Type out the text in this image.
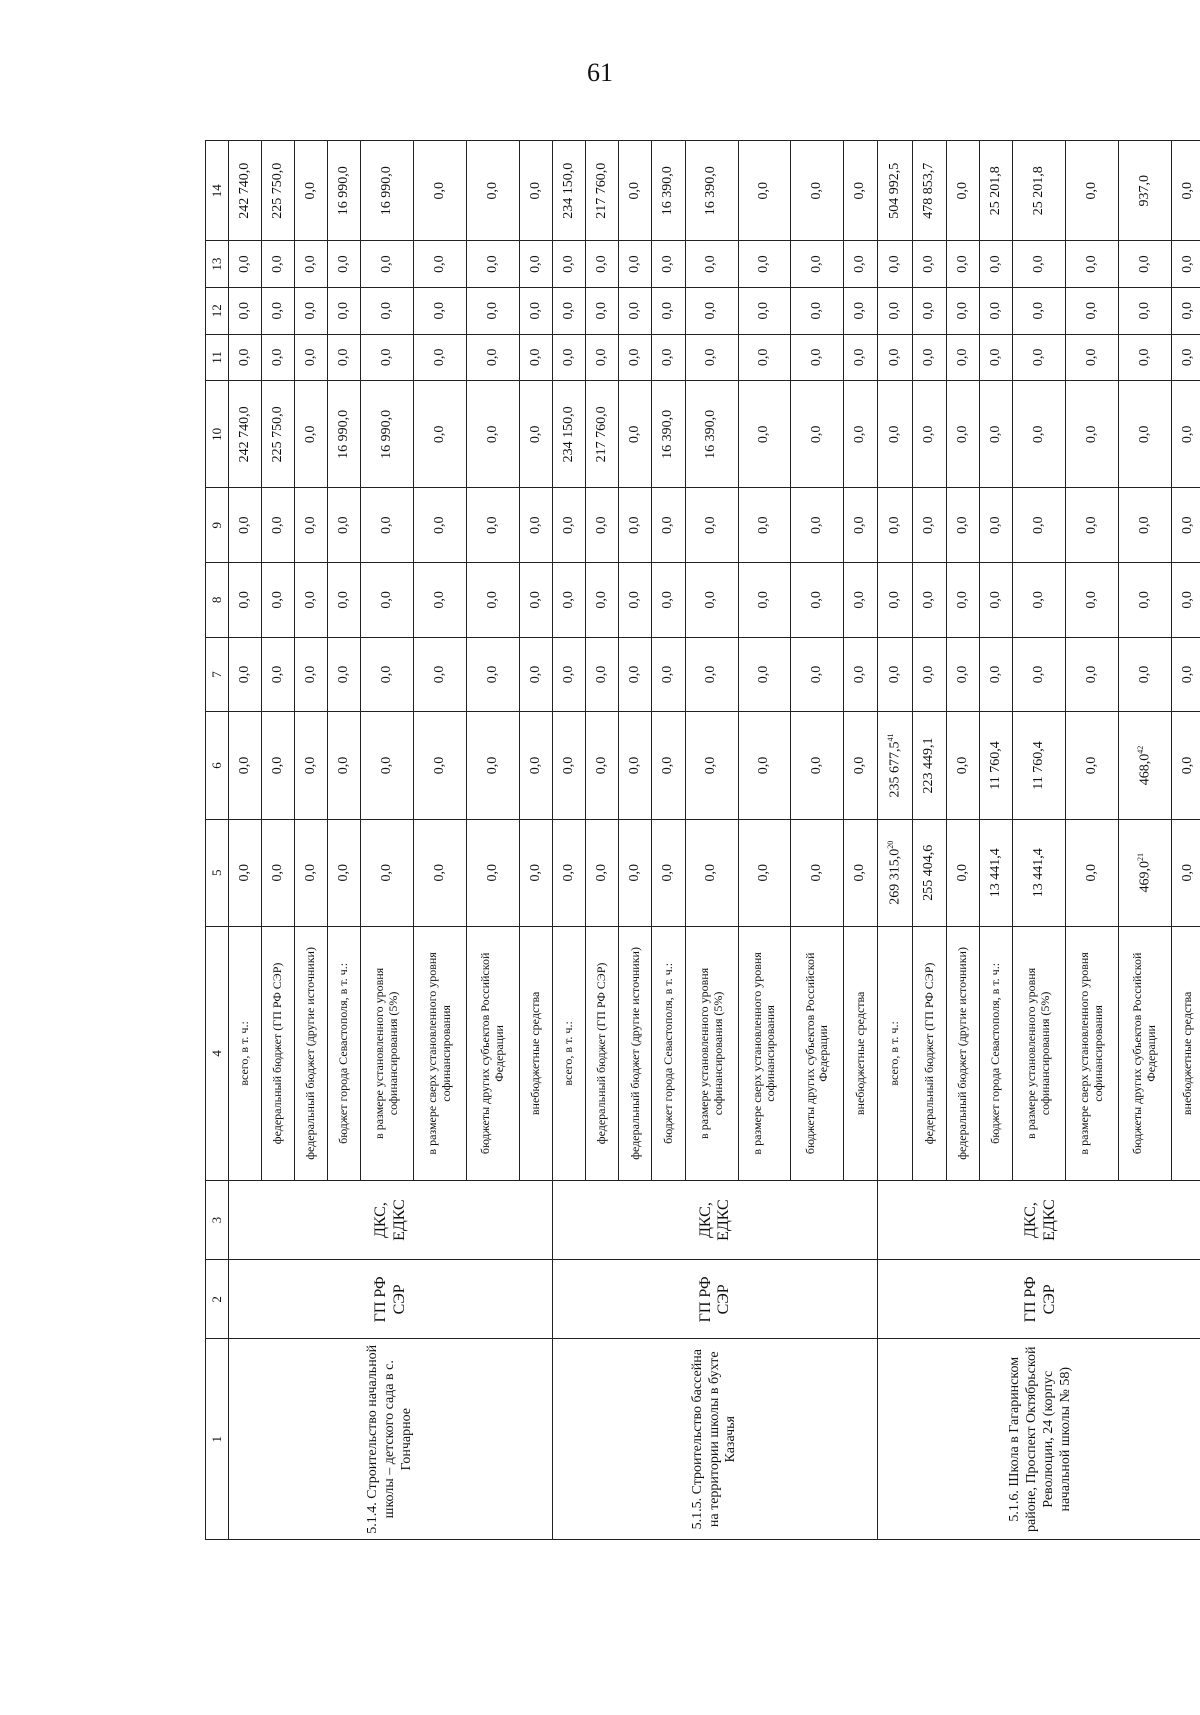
61
1	2	3	4	5	6	7	8	9	10	11	12	13	14
5.1.4. Строительство начальной школы – детского сада в с. Гончарное	ГП РФ СЭР	ДКС, ЕДКС	всего, в т. ч.:	0,0	0,0	0,0	0,0	0,0	242 740,0	0,0	0,0	0,0	242 740,0
			федеральный бюджет (ГП РФ СЭР)	0,0	0,0	0,0	0,0	0,0	225 750,0	0,0	0,0	0,0	225 750,0
			федеральный бюджет (другие источники)	0,0	0,0	0,0	0,0	0,0	0,0	0,0	0,0	0,0	0,0
			бюджет города Севастополя, в т. ч.:	0,0	0,0	0,0	0,0	0,0	16 990,0	0,0	0,0	0,0	16 990,0
			в размере установленного уровня софинансирования (5%)	0,0	0,0	0,0	0,0	0,0	16 990,0	0,0	0,0	0,0	16 990,0
			в размере сверх установленного уровня софинансирования	0,0	0,0	0,0	0,0	0,0	0,0	0,0	0,0	0,0	0,0
			бюджеты других субъектов Российской Федерации	0,0	0,0	0,0	0,0	0,0	0,0	0,0	0,0	0,0	0,0
			внебюджетные средства	0,0	0,0	0,0	0,0	0,0	0,0	0,0	0,0	0,0	0,0
5.1.5. Строительство бассейна на территории школы в бухте Казачья	ГП РФ СЭР	ДКС, ЕДКС	всего, в т. ч.:	0,0	0,0	0,0	0,0	0,0	234 150,0	0,0	0,0	0,0	234 150,0
			федеральный бюджет (ГП РФ СЭР)	0,0	0,0	0,0	0,0	0,0	217 760,0	0,0	0,0	0,0	217 760,0
			федеральный бюджет (другие источники)	0,0	0,0	0,0	0,0	0,0	0,0	0,0	0,0	0,0	0,0
			бюджет города Севастополя, в т. ч.:	0,0	0,0	0,0	0,0	0,0	16 390,0	0,0	0,0	0,0	16 390,0
			в размере установленного уровня софинансирования (5%)	0,0	0,0	0,0	0,0	0,0	16 390,0	0,0	0,0	0,0	16 390,0
			в размере сверх установленного уровня софинансирования	0,0	0,0	0,0	0,0	0,0	0,0	0,0	0,0	0,0	0,0
			бюджеты других субъектов Российской Федерации	0,0	0,0	0,0	0,0	0,0	0,0	0,0	0,0	0,0	0,0
			внебюджетные средства	0,0	0,0	0,0	0,0	0,0	0,0	0,0	0,0	0,0	0,0
5.1.6. Школа в Гагаринском районе, Проспект Октябрьской Революции, 24 (корпус начальной школы № 58)	ГП РФ СЭР	ДКС, ЕДКС	всего, в т. ч.:	269 315,0$^{20}$	235 677,5$^{41}$	0,0	0,0	0,0	0,0	0,0	0,0	0,0	504 992,5
			федеральный бюджет (ГП РФ СЭР)	255 404,6	223 449,1	0,0	0,0	0,0	0,0	0,0	0,0	0,0	478 853,7
			федеральный бюджет (другие источники)	0,0	0,0	0,0	0,0	0,0	0,0	0,0	0,0	0,0	0,0
			бюджет города Севастополя, в т. ч.:	13 441,4	11 760,4	0,0	0,0	0,0	0,0	0,0	0,0	0,0	25 201,8
			в размере установленного уровня софинансирования (5%)	13 441,4	11 760,4	0,0	0,0	0,0	0,0	0,0	0,0	0,0	25 201,8
			в размере сверх установленного уровня софинансирования	0,0	0,0	0,0	0,0	0,0	0,0	0,0	0,0	0,0	0,0
			бюджеты других субъектов Российской Федерации	469,0$^{21}$	468,0$^{42}$	0,0	0,0	0,0	0,0	0,0	0,0	0,0	937,0
			внебюджетные средства	0,0	0,0	0,0	0,0	0,0	0,0	0,0	0,0	0,0	0,0
